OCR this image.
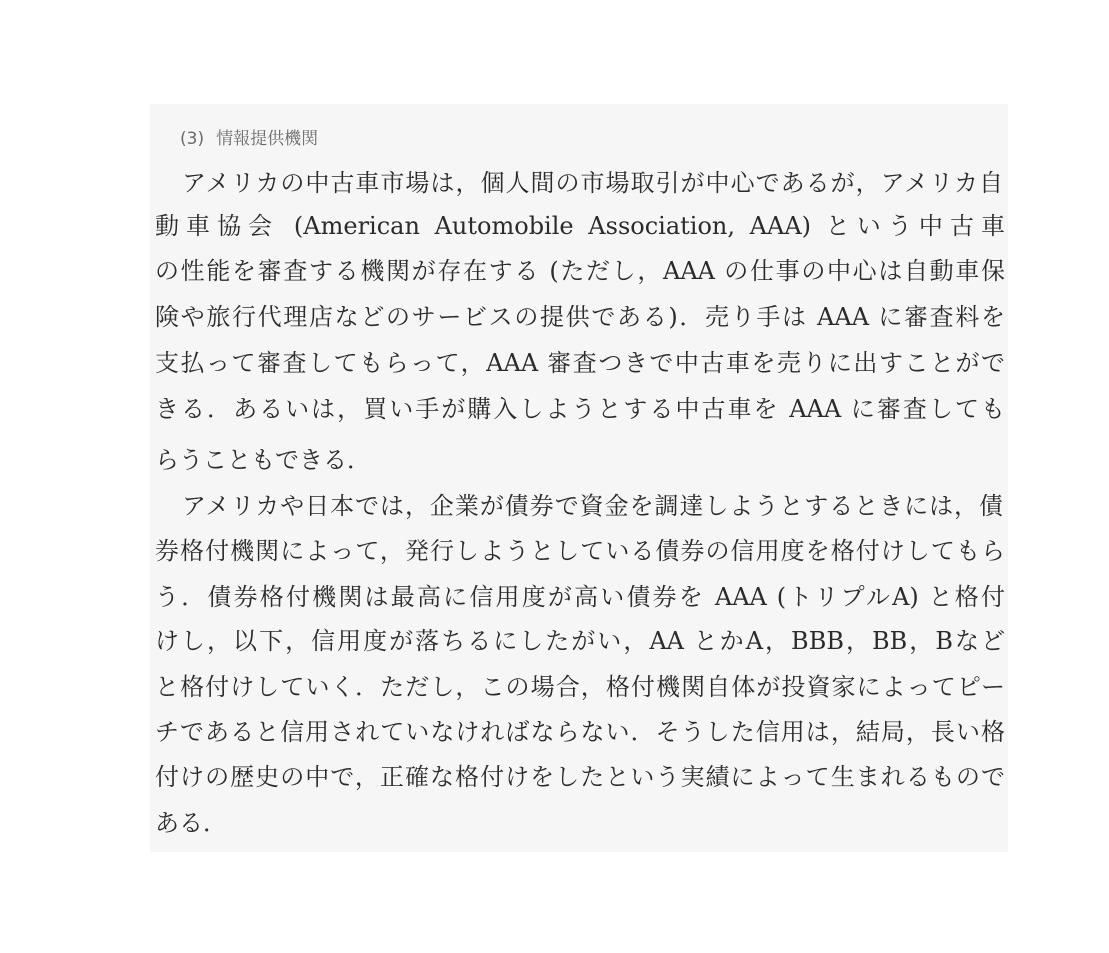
(3) 情報提供機関
アメリカの中古車市場は，個人間の市場取引が中心であるが，アメリカ自
動車協会 (American Automobile Association, AAA) という中古車
の性能を審査する機関が存在する (ただし，AAA の仕事の中心は自動車保
険や旅行代理店などのサービスの提供である)．売り手は AAA に審査料を
支払って審査してもらって，AAA 審査つきで中古車を売りに出すことがで
きる．あるいは，買い手が購入しようとする中古車を AAA に審査しても
らうこともできる．
アメリカや日本では，企業が債券で資金を調達しようとするときには，債
券格付機関によって，発行しようとしている債券の信用度を格付けしてもら
う．債券格付機関は最高に信用度が高い債券を AAA (トリプルA) と格付
けし，以下，信用度が落ちるにしたがい，AA とかA，BBB，BB，Bなど
と格付けしていく．ただし，この場合，格付機関自体が投資家によってピー
チであると信用されていなければならない．そうした信用は，結局，長い格
付けの歴史の中で，正確な格付けをしたという実績によって生まれるもので
ある．
